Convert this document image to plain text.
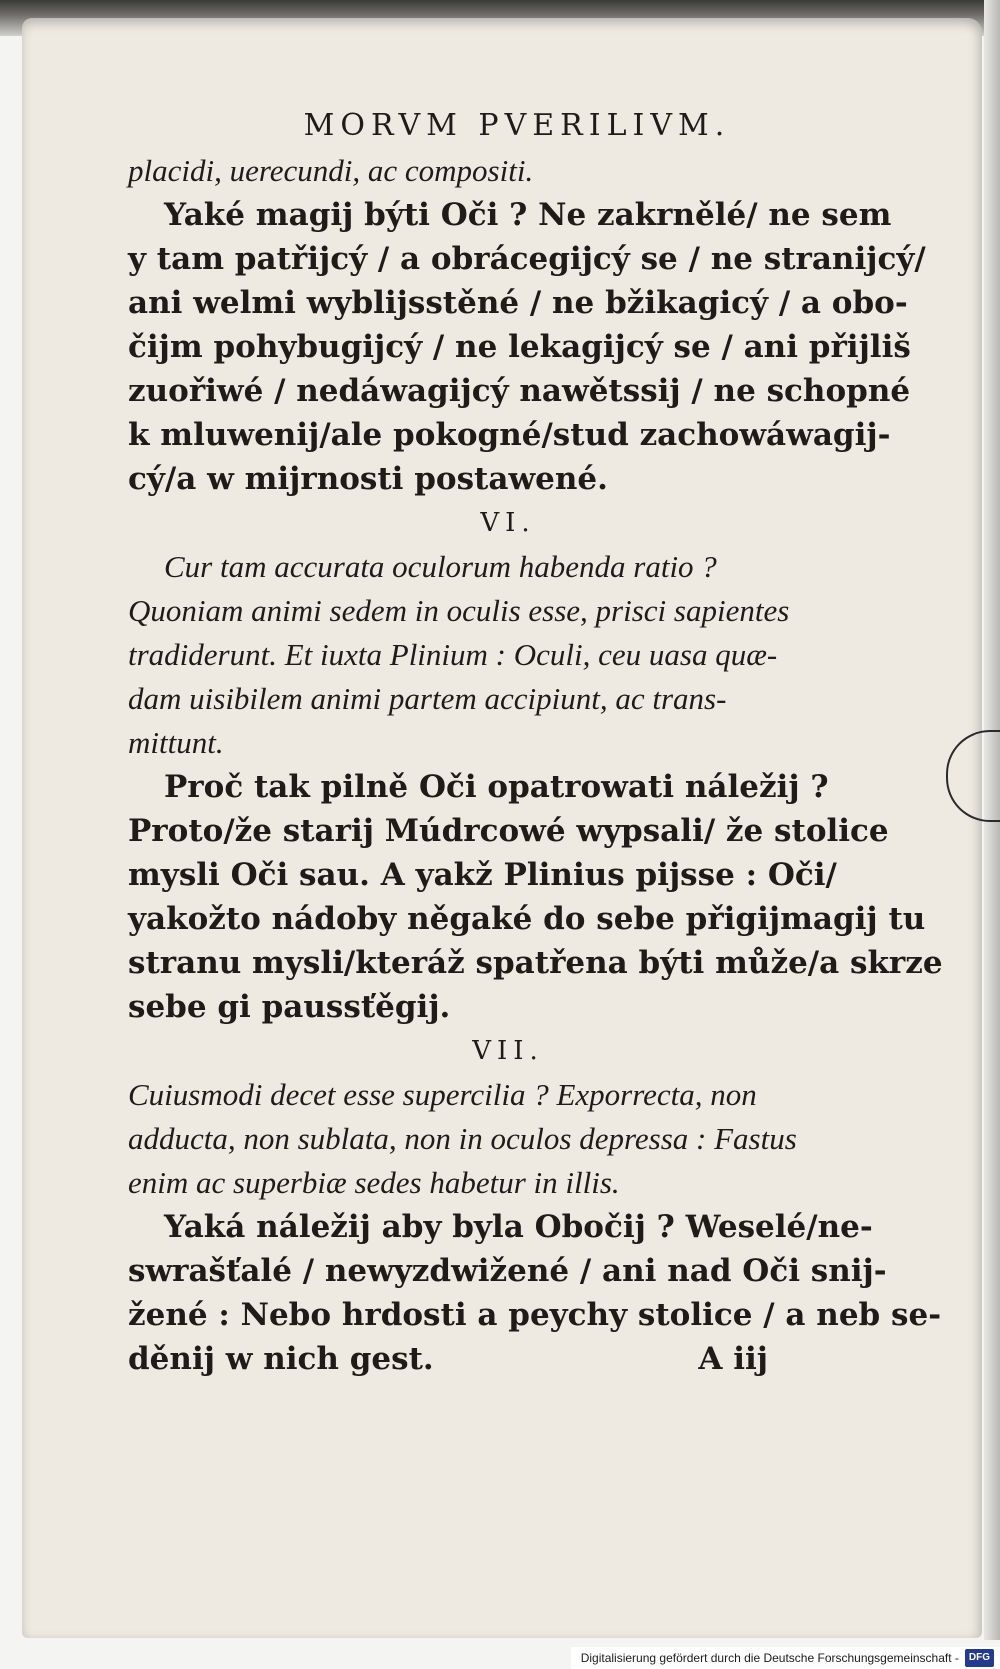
MORVM PVERILIVM.
placidi, uerecundi, ac compositi.
Yaké magij býti Oči ? Ne zakrnělé/ ne sem
y tam patřijcý / a obrácegijcý se / ne stranijcý/
ani welmi wyblijsstěné / ne bžikagicý / a obo-
čijm pohybugijcý / ne lekagijcý se / ani přijliš
zuořiwé / nedáwagijcý nawětssij / ne schopné
k mluwenij/ale pokogné/stud zachowáwagij-
cý/a w mijrnosti postawené.
VI.
Cur tam accurata oculorum habenda ratio ?
Quoniam animi sedem in oculis esse, prisci sapientes
tradiderunt. Et iuxta Plinium : Oculi, ceu uasa quæ-
dam uisibilem animi partem accipiunt, ac trans-
mittunt.
Proč tak pilně Oči opatrowati náležij ?
Proto/že starij Múdrcowé wypsali/ že stolice
mysli Oči sau. A yakž Plinius pijsse : Oči/
yakožto nádoby něgaké do sebe přigijmagij tu
stranu mysli/kteráž spatřena býti může/a skrze
sebe gi paussťěgij.
VII.
Cuiusmodi decet esse supercilia ? Exporrecta, non
adducta, non sublata, non in oculos depressa : Fastus
enim ac superbiæ sedes habetur in illis.
Yaká náležij aby byla Obočij ? Weselé/ne-
swrašťalé / newyzdwižené / ani nad Oči snij-
žené : Nebo hrdosti a peychy stolice / a neb se-
děnij w nich gest.	A iij
Digitalisierung gefördert durch die Deutsche Forschungsgemeinschaft -	DFG
